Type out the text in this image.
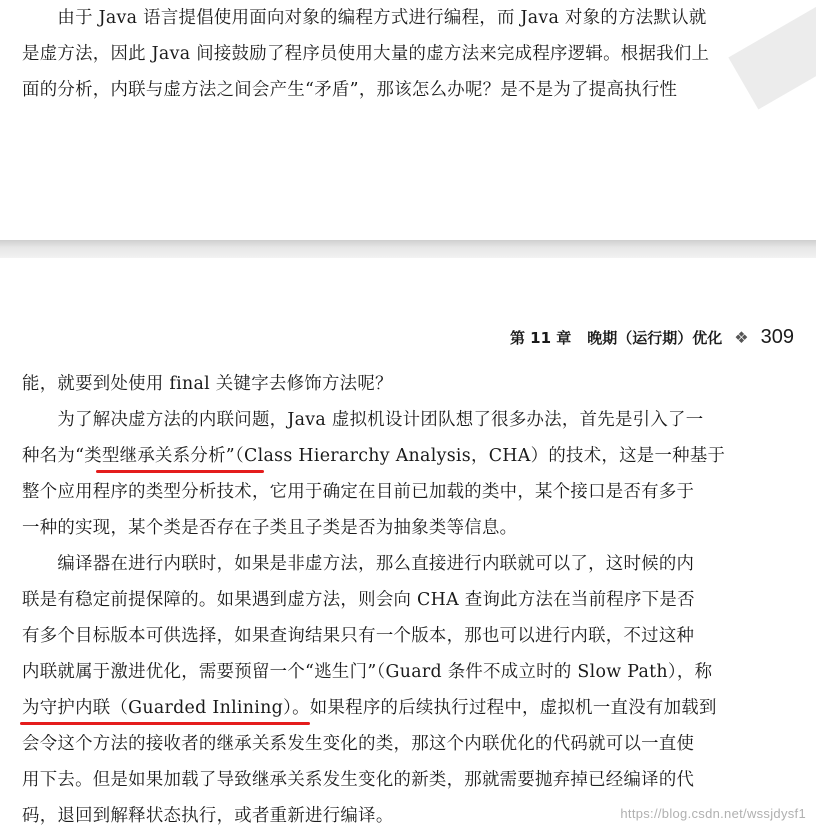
　　由于 Java 语言提倡使用面向对象的编程方式进行编程，而 Java 对象的方法默认就
是虚方法，因此 Java 间接鼓励了程序员使用大量的虚方法来完成程序逻辑。根据我们上
面的分析，内联与虚方法之间会产生“矛盾”，那该怎么办呢？是不是为了提高执行性
第 11 章 晚期（运行期）优化 ❖ 309
能，就要到处使用 final 关键字去修饰方法呢？
　　为了解决虚方法的内联问题，Java 虚拟机设计团队想了很多办法，首先是引入了一
种名为“类型继承关系分析”（Class Hierarchy Analysis，CHA）的技术，这是一种基于
整个应用程序的类型分析技术，它用于确定在目前已加载的类中，某个接口是否有多于
一种的实现，某个类是否存在子类且子类是否为抽象类等信息。
　　编译器在进行内联时，如果是非虚方法，那么直接进行内联就可以了，这时候的内
联是有稳定前提保障的。如果遇到虚方法，则会向 CHA 查询此方法在当前程序下是否
有多个目标版本可供选择，如果查询结果只有一个版本，那也可以进行内联，不过这种
内联就属于激进优化，需要预留一个“逃生门”（Guard 条件不成立时的 Slow Path），称
为守护内联（Guarded Inlining）。如果程序的后续执行过程中，虚拟机一直没有加载到
会令这个方法的接收者的继承关系发生变化的类，那这个内联优化的代码就可以一直使
用下去。但是如果加载了导致继承关系发生变化的新类，那就需要抛弃掉已经编译的代
码，退回到解释状态执行，或者重新进行编译。	https://blog.csdn.net/wssjdysf1
